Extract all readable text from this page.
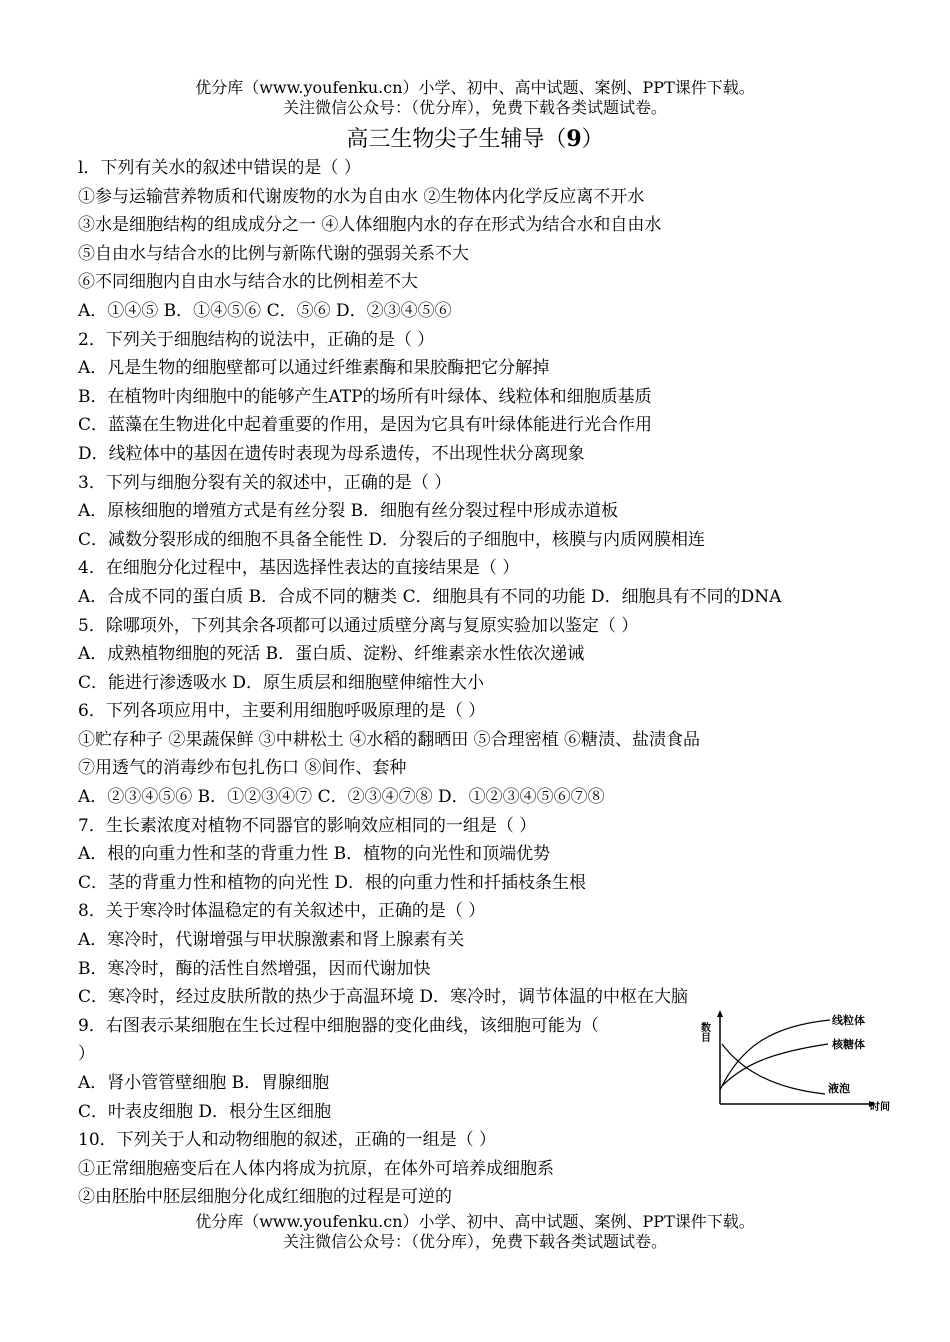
优分库（www.youfenku.cn）小学、初中、高中试题、案例、PPT课件下载。
关注微信公众号：（优分库），免费下载各类试题试卷。
高三生物尖子生辅导（9）
l．下列有关水的叙述中错误的是（ ）
①参与运输营养物质和代谢废物的水为自由水 ②生物体内化学反应离不开水
③水是细胞结构的组成成分之一 ④人体细胞内水的存在形式为结合水和自由水
⑤自由水与结合水的比例与新陈代谢的强弱关系不大
⑥不同细胞内自由水与结合水的比例相差不大
A．①④⑤ B．①④⑤⑥ C．⑤⑥ D．②③④⑤⑥
2．下列关于细胞结构的说法中，正确的是（ ）
A．凡是生物的细胞壁都可以通过纤维素酶和果胶酶把它分解掉
B．在植物叶肉细胞中的能够产生ATP的场所有叶绿体、线粒体和细胞质基质
C．蓝藻在生物进化中起着重要的作用，是因为它具有叶绿体能进行光合作用
D．线粒体中的基因在遗传时表现为母系遗传，不出现性状分离现象
3．下列与细胞分裂有关的叙述中，正确的是（ ）
A．原核细胞的增殖方式是有丝分裂 B．细胞有丝分裂过程中形成赤道板
C．减数分裂形成的细胞不具备全能性 D．分裂后的子细胞中，核膜与内质网膜相连
4．在细胞分化过程中，基因选择性表达的直接结果是（ ）
A．合成不同的蛋白质 B．合成不同的糖类 C．细胞具有不同的功能 D．细胞具有不同的DNA
5．除哪项外，下列其余各项都可以通过质壁分离与复原实验加以鉴定（ ）
A．成熟植物细胞的死活 B．蛋白质、淀粉、纤维素亲水性依次递诫
C．能进行渗透吸水 D．原生质层和细胞壁伸缩性大小
6．下列各项应用中，主要利用细胞呼吸原理的是（ ）
①贮存种子 ②果蔬保鲜 ③中耕松土 ④水稻的翻晒田 ⑤合理密植 ⑥糖渍、盐渍食品
⑦用透气的消毒纱布包扎伤口 ⑧间作、套种
A．②③④⑤⑥ B．①②③④⑦ C．②③④⑦⑧ D．①②③④⑤⑥⑦⑧
7．生长素浓度对植物不同器官的影响效应相同的一组是（ ）
A．根的向重力性和茎的背重力性 B．植物的向光性和顶端优势
C．茎的背重力性和植物的向光性 D．根的向重力性和扦插枝条生根
8．关于寒冷时体温稳定的有关叙述中，正确的是（ ）
A．寒冷时，代谢增强与甲状腺激素和肾上腺素有关
B．寒冷时，酶的活性自然增强，因而代谢加快
C．寒冷时，经过皮肤所散的热少于高温环境 D．寒冷时，调节体温的中枢在大脑
9．右图表示某细胞在生长过程中细胞器的变化曲线，该细胞可能为（
）
A．肾小管管壁细胞 B．胃腺细胞
C．叶表皮细胞 D．根分生区细胞
10．下列关于人和动物细胞的叙述，正确的一组是（ ）
①正常细胞癌变后在人体内将成为抗原，在体外可培养成细胞系
②由胚胎中胚层细胞分化成红细胞的过程是可逆的
数目
线粒体
核糖体
液泡
时间
优分库（www.youfenku.cn）小学、初中、高中试题、案例、PPT课件下载。
关注微信公众号：（优分库），免费下载各类试题试卷。
